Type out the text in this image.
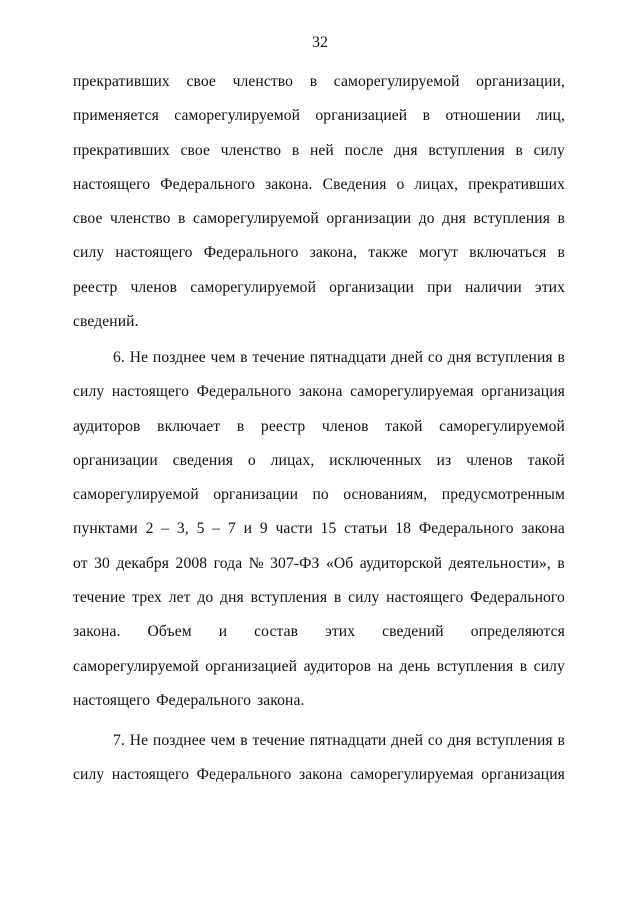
32
прекративших свое членство в саморегулируемой организации,
применяется саморегулируемой организацией в отношении лиц,
прекративших свое членство в ней после дня вступления в силу
настоящего Федерального закона. Сведения о лицах, прекративших
свое членство в саморегулируемой организации до дня вступления в
силу настоящего Федерального закона, также могут включаться в
реестр членов саморегулируемой организации при наличии этих
сведений.
6. Не позднее чем в течение пятнадцати дней со дня вступления в
силу настоящего Федерального закона саморегулируемая организация
аудиторов включает в реестр членов такой саморегулируемой
организации сведения о лицах, исключенных из членов такой
саморегулируемой организации по основаниям, предусмотренным
пунктами 2 – 3, 5 – 7 и 9 части 15 статьи 18 Федерального закона
от 30 декабря 2008 года № 307-ФЗ «Об аудиторской деятельности», в
течение трех лет до дня вступления в силу настоящего Федерального
закона. Объем и состав этих сведений определяются
саморегулируемой организацией аудиторов на день вступления в силу
настоящего Федерального закона.
7. Не позднее чем в течение пятнадцати дней со дня вступления в
силу настоящего Федерального закона саморегулируемая организация
